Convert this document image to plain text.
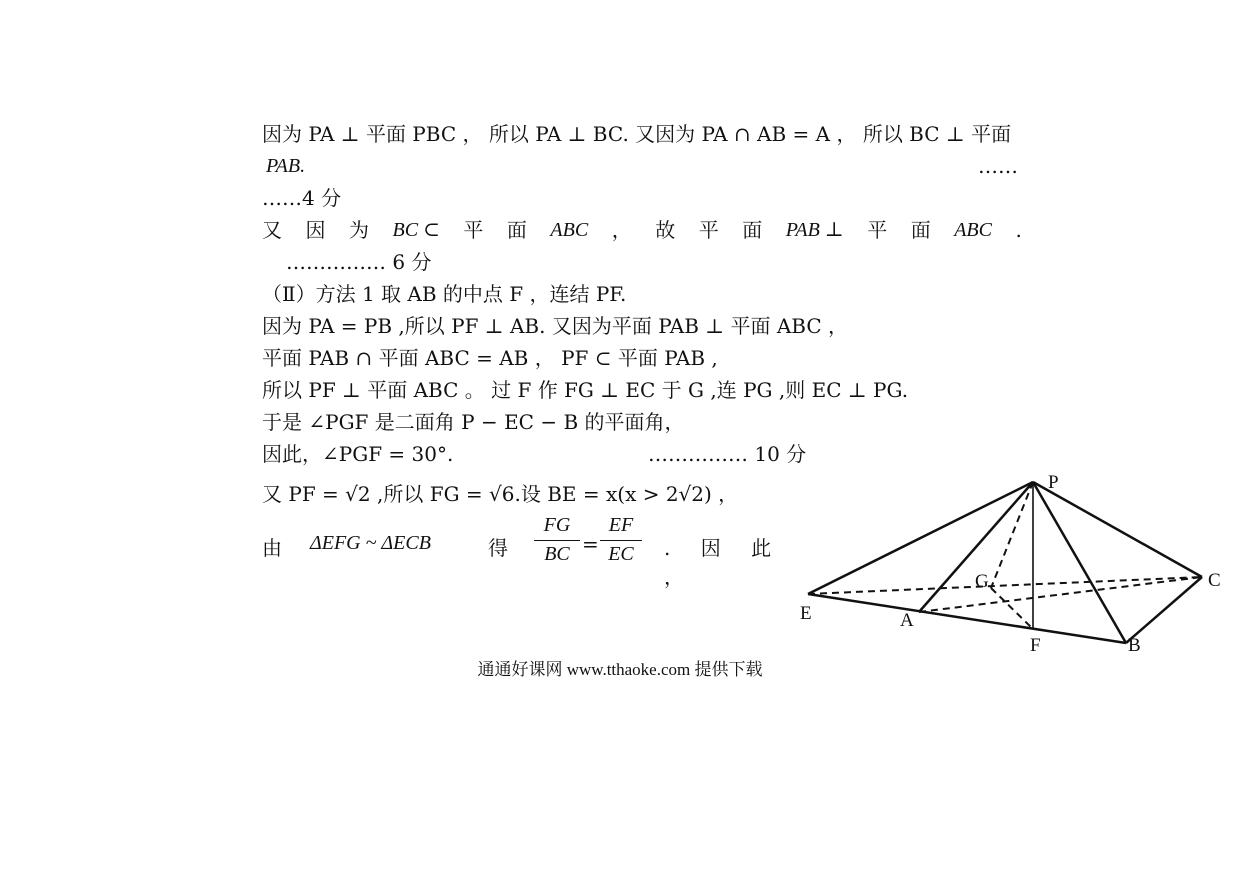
因为 PA ⊥ 平面 PBC ， 所以 PA ⊥ BC. 又因为 PA ∩ AB = A ， 所以 BC ⊥ 平面
PAB.	……
……4 分
又 因 为 BC ⊂ 平 面 ABC ， 故 平 面 PAB ⊥ 平 面 ABC .
…………… 6 分
（Ⅱ）方法 1 取 AB 的中点 F ，连结 PF.
因为 PA = PB ,所以 PF ⊥ AB. 又因为平面 PAB ⊥ 平面 ABC ，
平面 PAB ∩ 平面 ABC = AB ， PF ⊂ 平面 PAB ,
所以 PF ⊥ 平面 ABC 。 过 F 作 FG ⊥ EC 于 G ,连 PG ,则 EC ⊥ PG.
于是 ∠PGF 是二面角 P − EC − B 的平面角，
因此，∠PGF = 30°.	…………… 10 分
又 PF = √2 ,所以 FG = √6.设 BE = x(x > 2√2) ，
由 ΔEFG ~ ΔECB	得
FG
BC =
EF
EC	. 因 此 ，
P
C
G
E	A
F	B
通通好课网 www.tthaoke.com 提供下载
